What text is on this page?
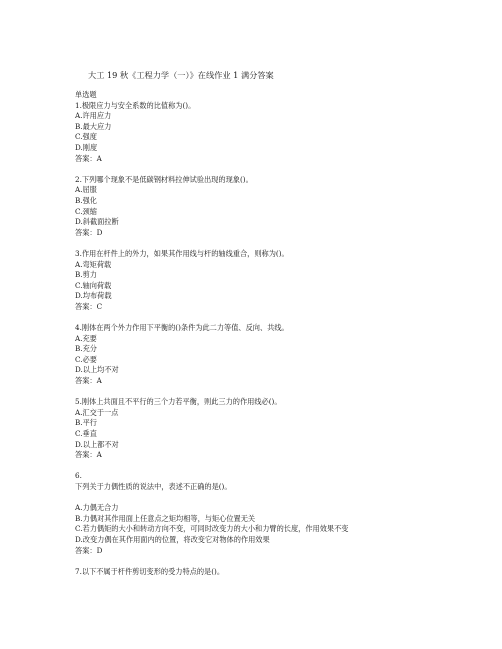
大工 19 秋《工程力学（一）》在线作业 1 满分答案
单选题
1.极限应力与安全系数的比值称为()。
A.许用应力
B.最大应力
C.强度
D.刚度
答案：A
2.下列哪个现象不是低碳钢材料拉伸试验出现的现象()。
A.屈服
B.强化
C.颈缩
D.斜截面拉断
答案：D
3.作用在杆件上的外力，如果其作用线与杆的轴线重合，则称为()。
A.弯矩荷载
B.剪力
C.轴向荷载
D.均布荷载
答案：C
4.刚体在两个外力作用下平衡的()条件为此二力等值、反向、共线。
A.充要
B.充分
C.必要
D.以上均不对
答案：A
5.刚体上共面且不平行的三个力若平衡，则此三力的作用线必()。
A.汇交于一点
B.平行
C.垂直
D.以上都不对
答案：A
6.
下列关于力偶性质的说法中，表述不正确的是()。
A.力偶无合力
B.力偶对其作用面上任意点之矩均相等，与矩心位置无关
C.若力偶矩的大小和转动方向不变，可同时改变力的大小和力臂的长度，作用效果不变
D.改变力偶在其作用面内的位置，将改变它对物体的作用效果
答案：D
7.以下不属于杆件剪切变形的受力特点的是()。
